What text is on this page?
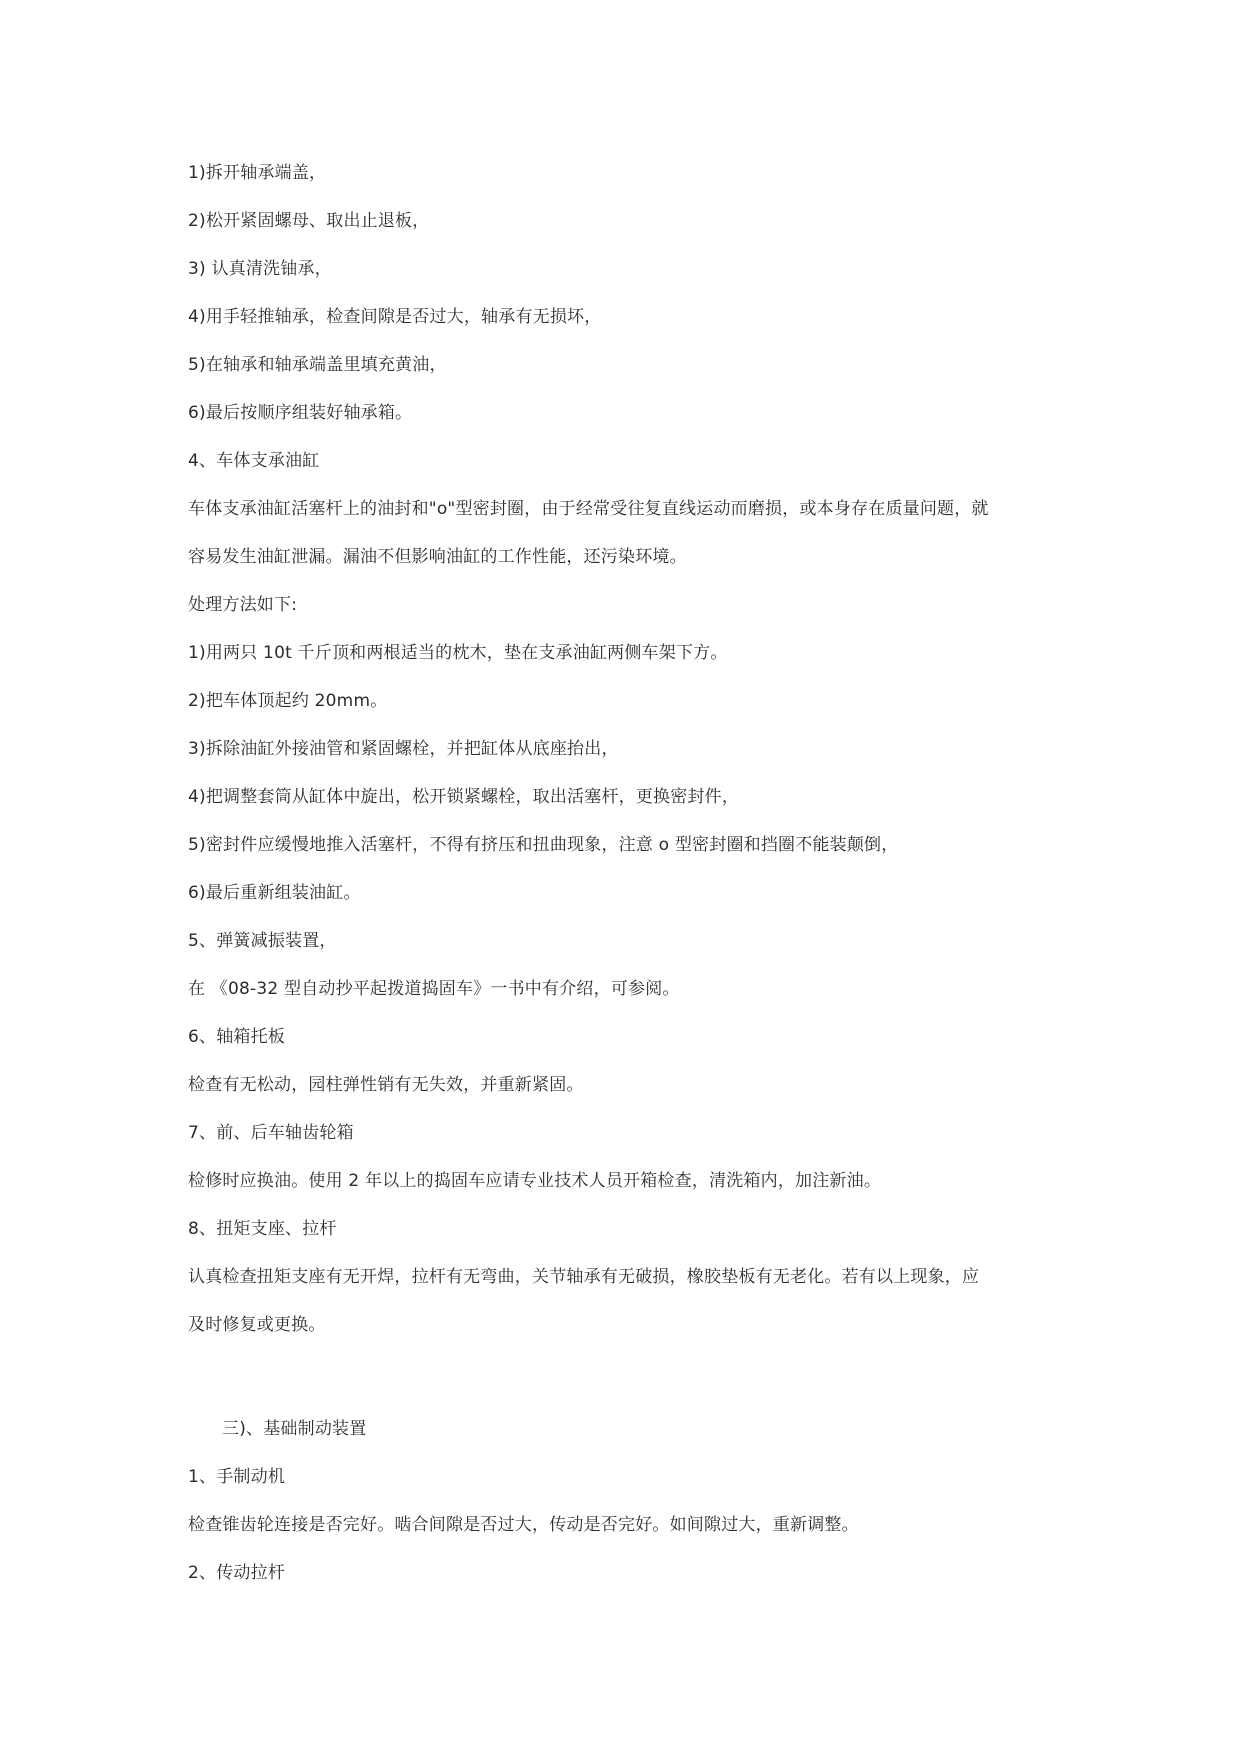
1)拆开轴承端盖，
2)松开紧固螺母、取出止退板，
3) 认真清洗铀承，
4)用手轻推轴承，检查间隙是否过大，轴承有无损坏，
5)在轴承和轴承端盖里填充黄油，
6)最后按顺序组装好轴承箱。
4、车体支承油缸
车体支承油缸活塞杆上的油封和"o"型密封圈，由于经常受往复直线运动而磨损，或本身存在质量问题，就
容易发生油缸泄漏。漏油不但影响油缸的工作性能，还污染环境。
处理方法如下:
1)用两只 10t 千斤顶和两根适当的枕木，垫在支承油缸两侧车架下方。
2)把车体顶起约 20mm。
3)拆除油缸外接油管和紧固螺栓，并把缸体从底座抬出，
4)把调整套筒从缸体中旋出，松开锁紧螺栓，取出活塞杆，更换密封件，
5)密封件应缓慢地推入活塞杆，不得有挤压和扭曲现象，注意 o 型密封圈和挡圈不能装颠倒，
6)最后重新组装油缸。
5、弹簧减振装置，
在 《08-32 型自动抄平起拨道捣固车》一书中有介绍，可参阅。
6、轴箱托板
检查有无松动，园柱弹性销有无失效，并重新紧固。
7、前、后车轴齿轮箱
检修时应换油。使用 2 年以上的捣固车应请专业技术人员开箱检查，清洗箱内，加注新油。
8、扭矩支座、拉杆
认真检查扭矩支座有无开焊，拉杆有无弯曲，关节轴承有无破损，橡胶垫板有无老化。若有以上现象，应
及时修复或更换。
三)、基础制动装置
1、手制动机
检查锥齿轮连接是否完好。啮合间隙是否过大，传动是否完好。如间隙过大，重新调整。
2、传动拉杆
